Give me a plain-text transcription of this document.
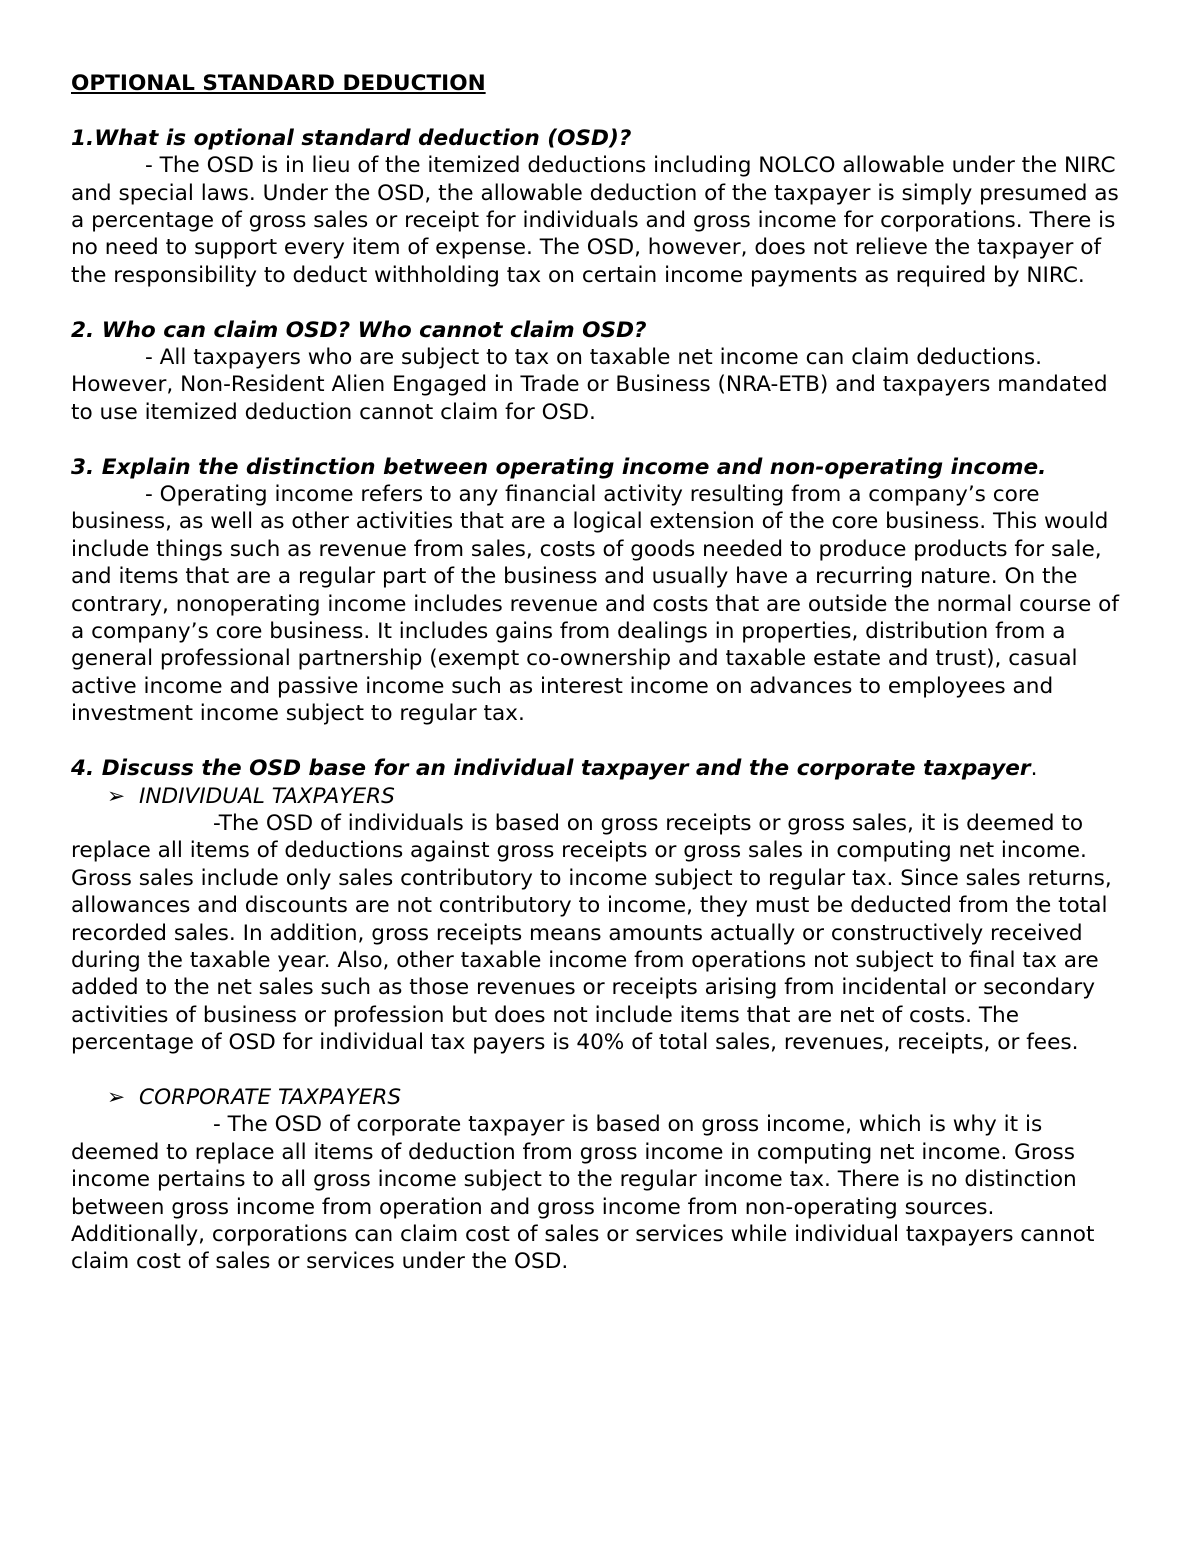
OPTIONAL STANDARD DEDUCTION
1.What is optional standard deduction (OSD)?
- The OSD is in lieu of the itemized deductions including NOLCO allowable under the NIRC and special laws. Under the OSD, the allowable deduction of the taxpayer is simply presumed as a percentage of gross sales or receipt for individuals and gross income for corporations. There is no need to support every item of expense. The OSD, however, does not relieve the taxpayer of the responsibility to deduct withholding tax on certain income payments as required by NIRC.
2. Who can claim OSD? Who cannot claim OSD?
- All taxpayers who are subject to tax on taxable net income can claim deductions. However, Non-Resident Alien Engaged in Trade or Business (NRA-ETB) and taxpayers mandated to use itemized deduction cannot claim for OSD.
3. Explain the distinction between operating income and non-operating income.
- Operating income refers to any financial activity resulting from a company’s core business, as well as other activities that are a logical extension of the core business. This would include things such as revenue from sales, costs of goods needed to produce products for sale, and items that are a regular part of the business and usually have a recurring nature. On the contrary, nonoperating income includes revenue and costs that are outside the normal course of a company’s core business. It includes gains from dealings in properties, distribution from a general professional partnership (exempt co-ownership and taxable estate and trust), casual active income and passive income such as interest income on advances to employees and investment income subject to regular tax.
4. Discuss the OSD base for an individual taxpayer and the corporate taxpayer.
➢ INDIVIDUAL TAXPAYERS
-The OSD of individuals is based on gross receipts or gross sales, it is deemed to replace all items of deductions against gross receipts or gross sales in computing net income. Gross sales include only sales contributory to income subject to regular tax. Since sales returns, allowances and discounts are not contributory to income, they must be deducted from the total recorded sales. In addition, gross receipts means amounts actually or constructively received during the taxable year. Also, other taxable income from operations not subject to final tax are added to the net sales such as those revenues or receipts arising from incidental or secondary activities of business or profession but does not include items that are net of costs. The percentage of OSD for individual tax payers is 40% of total sales, revenues, receipts, or fees.
➢ CORPORATE TAXPAYERS
- The OSD of corporate taxpayer is based on gross income, which is why it is deemed to replace all items of deduction from gross income in computing net income. Gross income pertains to all gross income subject to the regular income tax. There is no distinction between gross income from operation and gross income from non-operating sources. Additionally, corporations can claim cost of sales or services while individual taxpayers cannot claim cost of sales or services under the OSD.
